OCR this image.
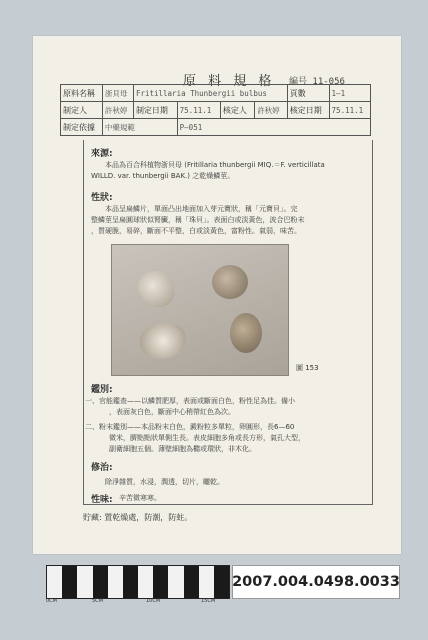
原 料 規 格 編号 11-056
原料名稱	浙貝母	Fritillaria Thunbergii bulbus				頁數	1—1
制定人	許秋婷	制定日期	75.11.1	核定人	許秋婷	核定日期	75.11.1
制定依據	中藥規範		P—051				
來源:
本品為百合科植物浙貝母 (Fritillaria thunbergii MIQ.＝F. verticillata
WILLD. var. thunbergii BAK.) 之乾燥鱗莖。
性狀:
本品呈扁鱗片，單面凸出地面加入芽元寶狀，稱「元寶貝」。完
整鱗莖呈扁圓球狀似腎臟，稱「珠貝」。表面白或淡黃色，波合巴粉末
，質硬脆，易碎，斷面不平整，白或淡黃色，富粉性。氣弱，味苦。
圖 153
鑑別:
一、官能鑑查——以鱗質肥厚，表面或斷面白色，粉性足為佳。備小
，表面灰白色，斷面中心稍帶紅色為次。
二、粉末鑑別——本品粉末白色，澱粉粒多單粒，卵圓形，長6—60
微米，臍點點狀單側生長。表皮細胞多角或長方形，氣孔大型，
副衛細胞五個。薄壁細胞為橢或環狀，非木化。
修治:
除淨雜質，水浸，潤透，切片，曬乾。
性味: 辛苦微寒寒。
貯藏: 置乾燥處，防潮，防蛀。
0CM	5CM	10CM	15CM
2007.004.0498.0033
